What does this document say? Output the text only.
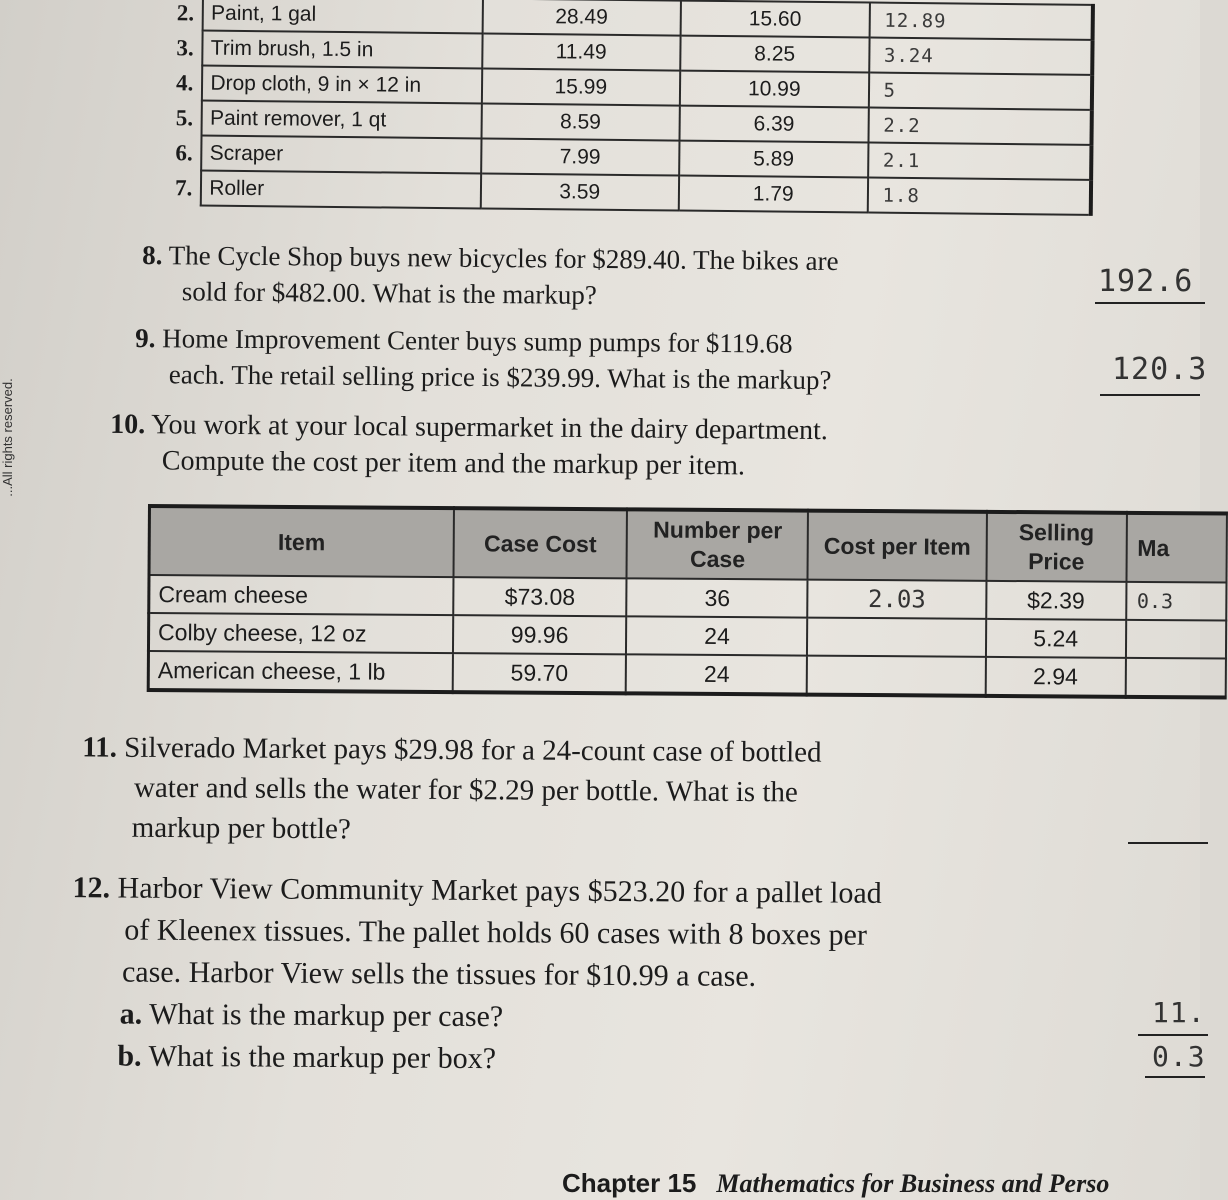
2.	Paint, 1 gal	28.49	15.60	12.89
3.	Trim brush, 1.5 in	11.49	8.25	3.24
4.	Drop cloth, 9 in × 12 in	15.99	10.99	5
5.	Paint remover, 1 qt	8.59	6.39	2.2
6.	Scraper	7.99	5.89	2.1
7.	Roller	3.59	1.79	1.8
...All rights reserved.
8. The Cycle Shop buys new bicycles for $289.40. The bikes are
sold for $482.00. What is the markup?	192.6
9. Home Improvement Center buys sump pumps for $119.68
each. The retail selling price is $239.99. What is the markup?	120.3
10. You work at your local supermarket in the dairy department.
Compute the cost per item and the markup per item.
Item	Case Cost	Number per Case	Cost per Item	Selling Price	Ma
Cream cheese	$73.08	36	2.03	$2.39	0.3
Colby cheese, 12 oz	99.96	24		5.24	
American cheese, 1 lb	59.70	24		2.94	
11. Silverado Market pays $29.98 for a 24-count case of bottled
water and sells the water for $2.29 per bottle. What is the
markup per bottle?
12. Harbor View Community Market pays $523.20 for a pallet load
of Kleenex tissues. The pallet holds 60 cases with 8 boxes per
case. Harbor View sells the tissues for $10.99 a case.
a. What is the markup per case?
b. What is the markup per box?
11.
0.3
Chapter 15 Mathematics for Business and Perso
